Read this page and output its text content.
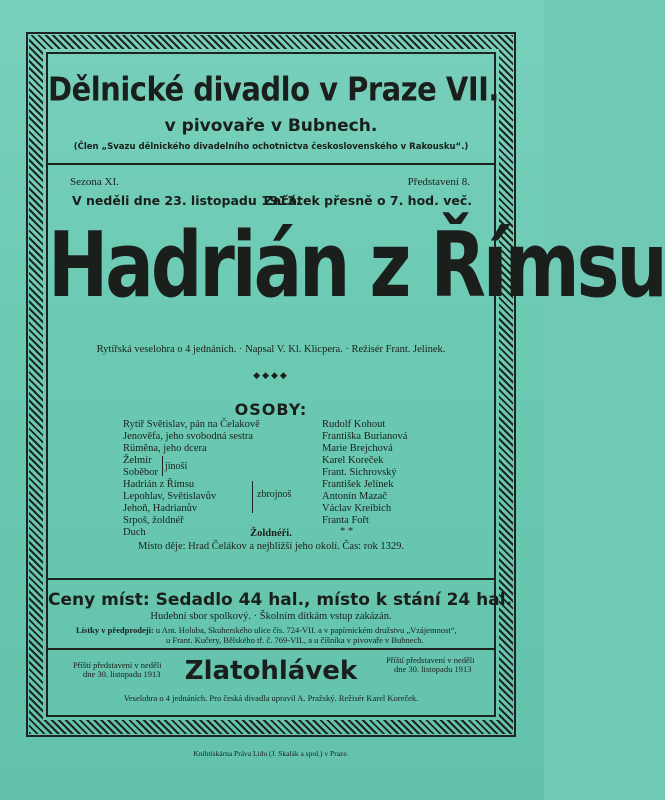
Dělnické divadlo v Praze VII.
v pivovaře v Bubnech.
(Člen „Svazu dělnického divadelního ochotnictva československého v Rakousku“.)
Sezona XI.	Představení 8.
V neděli dne 23. listopadu 1913.
Začátek přesně o 7. hod. več.
Hadrián z Římsu
Rytířská veselohra o 4 jednáních. · Napsal V. Kl. Klicpera. · Režisér Frant. Jelínek.
◆◆◆◆
OSOBY:
Rytíř Světislav, pán na Čelakově
Jenověfa, jeho svobodná sestra
Rüměna, jeho dcera
Želmír
Soběbor
Hadrián z Římsu
Lepohlav, Světislavův
Jehoň, Hadrianův
Srpoš, žoldnéř
Duch
jinoši
zbrojnoš
Rudolf Kohout
Františka Burianová
Marie Brejchová
Karel Koreček
Frant. Sichrovský
František Jelínek
Antonín Mazač
Václav Kreibich
Franta Fořt
* *
Žoldnéři.
Místo děje: Hrad Čelákov a nejbližší jeho okolí. Čas: rok 1329.
Ceny míst: Sedadlo 44 hal., místo k stání 24 hal.
Hudební sbor spolkový. · Školním dítkám vstup zakázán.
Lístky v předprodeji: u Ant. Holuba, Skuherského ulice čís. 724-VII. a v papírnickém družstvu „Vzájemnost“,
u Frant. Kučery, Bělského tř. č. 769-VII., a u číšníka v pivovaře v Bubnech.
Příští představení v neděli
dne 30. listopadu 1913 Zlatohlávek	Příští představení v neděli
dne 30. listopadu 1913
Veselohra o 4 jednáních. Pro česká divadla upravil A. Pražský. Režisér Karel Koreček.
Knihtiskárna Práva Lidu (J. Skalák a spol.) v Praze.
